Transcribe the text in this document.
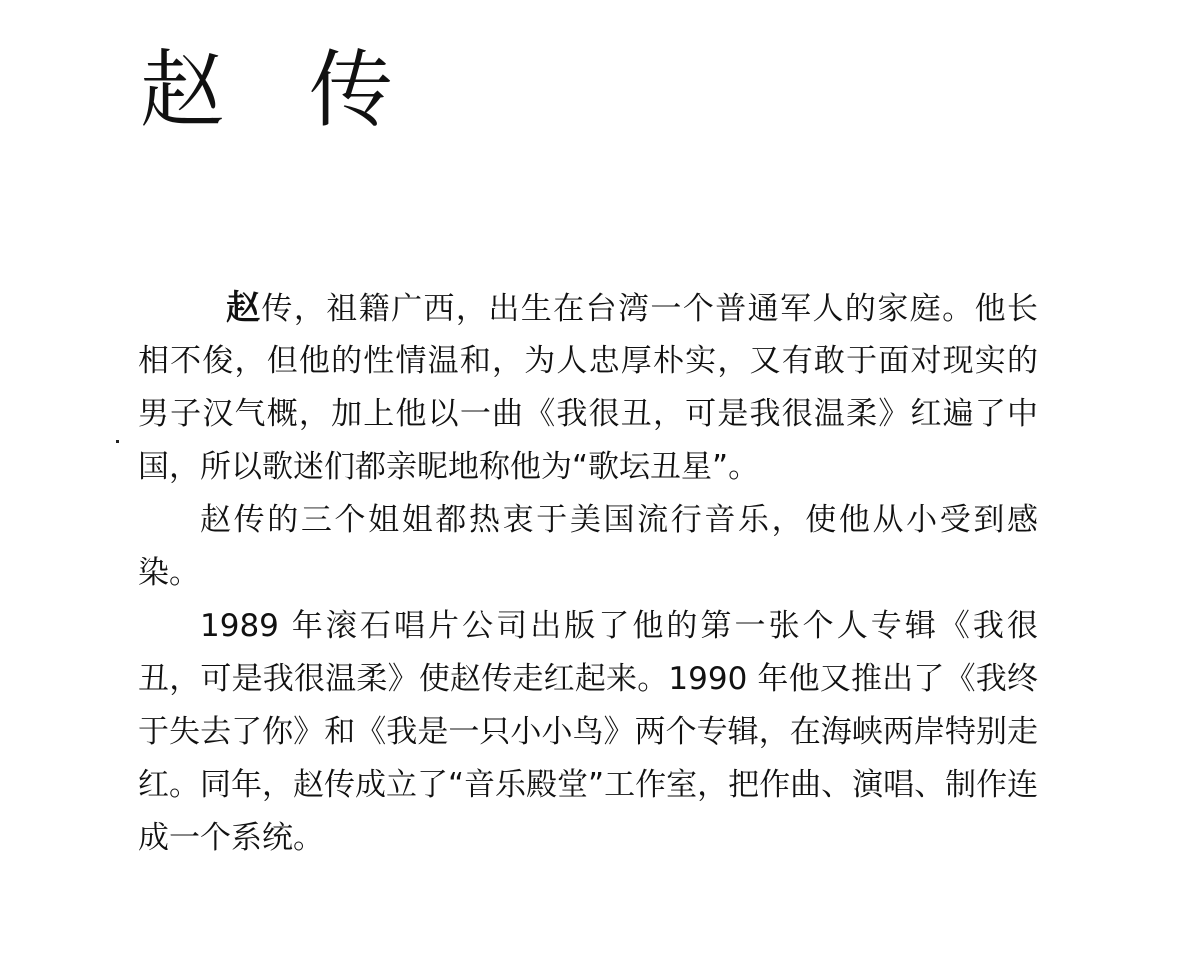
赵 传
赵传，祖籍广西，出生在台湾一个普通军人的家庭。他长
相不俊，但他的性情温和，为人忠厚朴实，又有敢于面对现实的
男子汉气概，加上他以一曲《我很丑，可是我很温柔》红遍了中
国，所以歌迷们都亲昵地称他为“歌坛丑星”。
赵传的三个姐姐都热衷于美国流行音乐，使他从小受到感
染。
1989 年滚石唱片公司出版了他的第一张个人专辑《我很
丑，可是我很温柔》使赵传走红起来。1990 年他又推出了《我终
于失去了你》和《我是一只小小鸟》两个专辑，在海峡两岸特别走
红。同年，赵传成立了“音乐殿堂”工作室，把作曲、演唱、制作连
成一个系统。
